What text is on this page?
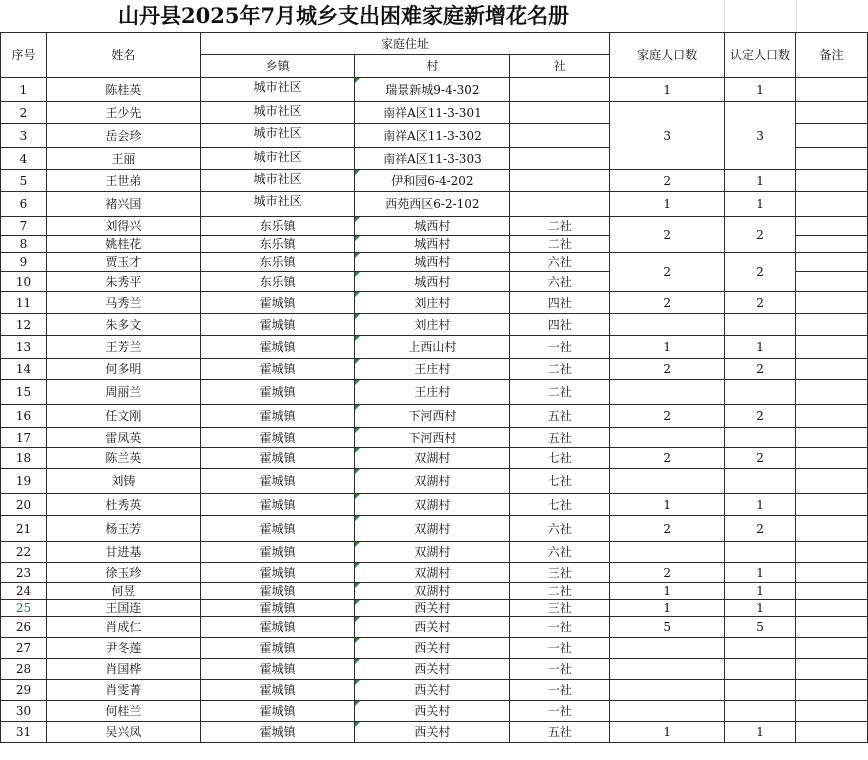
山丹县2025年7月城乡支出困难家庭新增花名册
序号	姓名	家庭住址			家庭人口数	认定人口数	备注
		乡镇	村	社			
1	陈桂英	城市社区	瑞景新城9-4-302		1	1	
2	王少先	城市社区	南祥A区11-3-301		3	3	
3	岳会珍	城市社区	南祥A区11-3-302				
4	王丽	城市社区	南祥A区11-3-303				
5	王世弟	城市社区	伊和园6-4-202		2	1	
6	褚兴国	城市社区	西苑西区6-2-102		1	1	
7	刘得兴	东乐镇	城西村	二社	2	2	
8	姚桂花	东乐镇	城西村	二社			
9	贾玉才	东乐镇	城西村	六社	2	2	
10	朱秀平	东乐镇	城西村	六社			
11	马秀兰	霍城镇	刘庄村	四社	2	2	
12	朱多文	霍城镇	刘庄村	四社			
13	王芳兰	霍城镇	上西山村	一社	1	1	
14	何多明	霍城镇	王庄村	二社	2	2	
15	周丽兰	霍城镇	王庄村	二社			
16	任文刚	霍城镇	下河西村	五社	2	2	
17	雷凤英	霍城镇	下河西村	五社			
18	陈兰英	霍城镇	双湖村	七社	2	2	
19	刘铸	霍城镇	双湖村	七社			
20	杜秀英	霍城镇	双湖村	七社	1	1	
21	杨玉芳	霍城镇	双湖村	六社	2	2	
22	甘进基	霍城镇	双湖村	六社			
23	徐玉珍	霍城镇	双湖村	三社	2	1	
24	何昱	霍城镇	双湖村	二社	1	1	
25	王国连	霍城镇	西关村	三社	1	1	
26	肖成仁	霍城镇	西关村	一社	5	5	
27	尹冬莲	霍城镇	西关村	一社			
28	肖国桦	霍城镇	西关村	一社			
29	肖雯菁	霍城镇	西关村	一社			
30	何桂兰	霍城镇	西关村	一社			
31	吴兴凤	霍城镇	西关村	五社	1	1	
